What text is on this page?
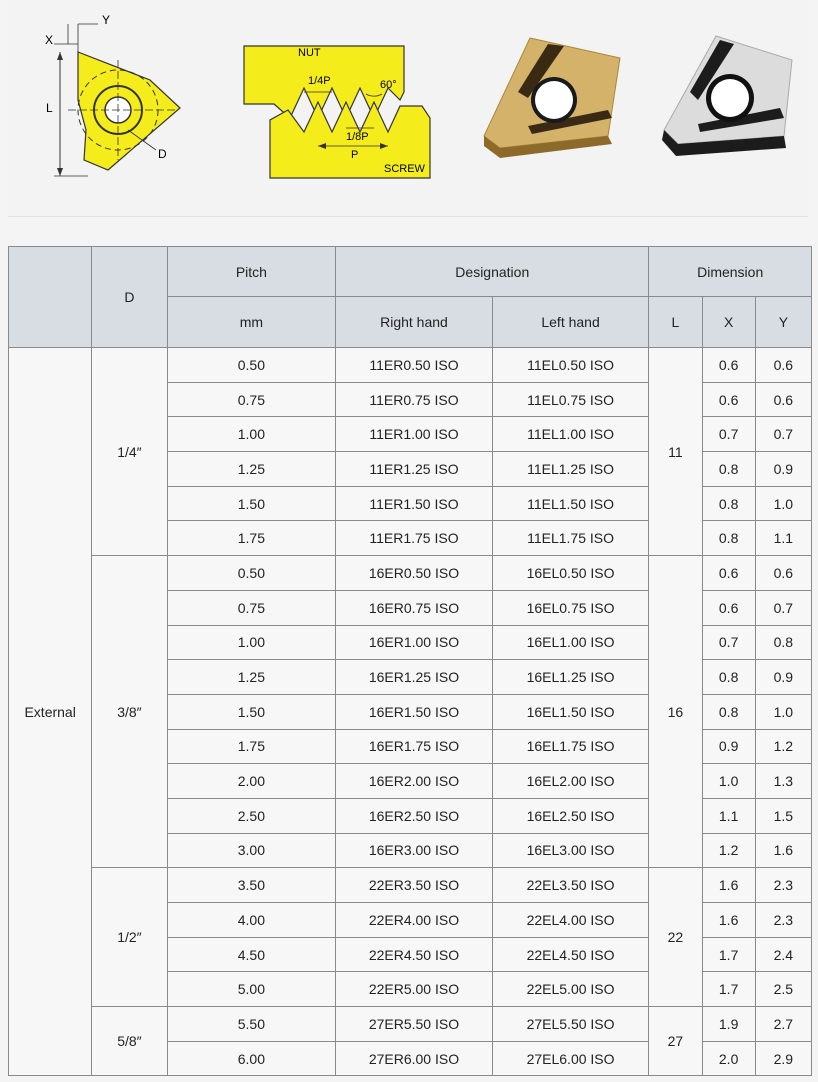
L
X
Y
D
NUT
SCREW
1/4P
1/8P
P
60°
	D	Pitch	Designation		Dimension		
		mm	Right hand	Left hand	L	X	Y
External	1/4″	0.50	11ER0.50 ISO	11EL0.50 ISO	11	0.6	0.6
		0.75	11ER0.75 ISO	11EL0.75 ISO		0.6	0.6
		1.00	11ER1.00 ISO	11EL1.00 ISO		0.7	0.7
		1.25	11ER1.25 ISO	11EL1.25 ISO		0.8	0.9
		1.50	11ER1.50 ISO	11EL1.50 ISO		0.8	1.0
		1.75	11ER1.75 ISO	11EL1.75 ISO		0.8	1.1
	3/8″	0.50	16ER0.50 ISO	16EL0.50 ISO	16	0.6	0.6
		0.75	16ER0.75 ISO	16EL0.75 ISO		0.6	0.7
		1.00	16ER1.00 ISO	16EL1.00 ISO		0.7	0.8
		1.25	16ER1.25 ISO	16EL1.25 ISO		0.8	0.9
		1.50	16ER1.50 ISO	16EL1.50 ISO		0.8	1.0
		1.75	16ER1.75 ISO	16EL1.75 ISO		0.9	1.2
		2.00	16ER2.00 ISO	16EL2.00 ISO		1.0	1.3
		2.50	16ER2.50 ISO	16EL2.50 ISO		1.1	1.5
		3.00	16ER3.00 ISO	16EL3.00 ISO		1.2	1.6
	1/2″	3.50	22ER3.50 ISO	22EL3.50 ISO	22	1.6	2.3
		4.00	22ER4.00 ISO	22EL4.00 ISO		1.6	2.3
		4.50	22ER4.50 ISO	22EL4.50 ISO		1.7	2.4
		5.00	22ER5.00 ISO	22EL5.00 ISO		1.7	2.5
	5/8″	5.50	27ER5.50 ISO	27EL5.50 ISO	27	1.9	2.7
		6.00	27ER6.00 ISO	27EL6.00 ISO		2.0	2.9
